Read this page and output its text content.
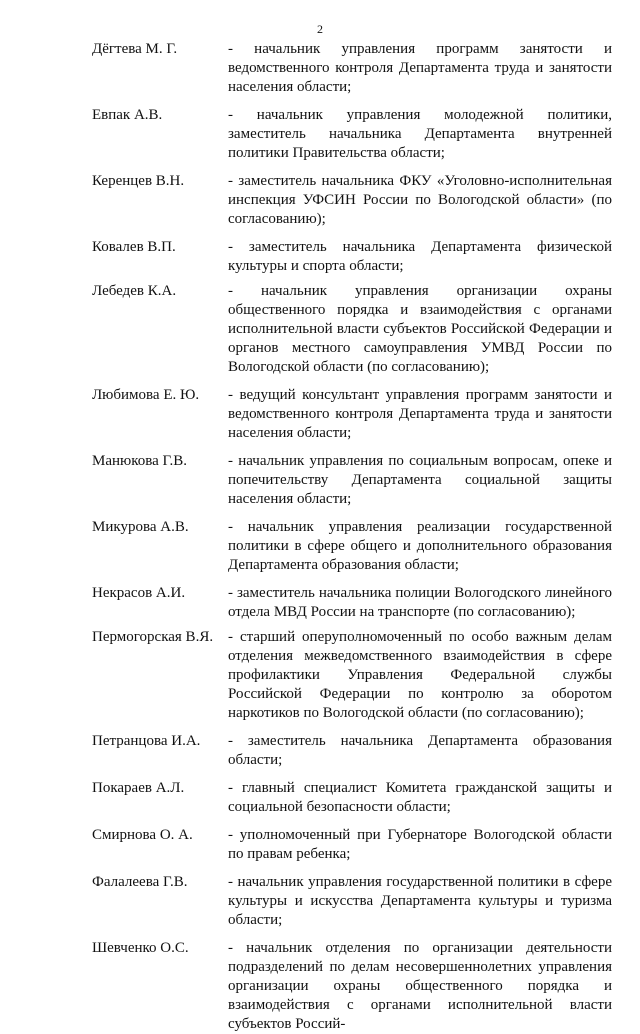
2
Дёгтева М. Г.	- начальник управления программ занятости и ведомственного контроля Департамента труда и занятости населения области;
Евпак А.В.	- начальник управления молодежной политики, заместитель начальника Департамента внутренней политики Правительства области;
Керенцев В.Н.	- заместитель начальника ФКУ «Уголовно-исполнительная инспекция УФСИН России по Вологодской области» (по согласованию);
Ковалев В.П.	- заместитель начальника Департамента физической культуры и спорта области;
Лебедев К.А.	- начальник управления организации охраны общественного порядка и взаимодействия с органами исполнительной власти субъектов Российской Федерации и органов местного самоуправления УМВД России по Вологодской области (по согласованию);
Любимова Е. Ю.	- ведущий консультант управления программ занятости и ведомственного контроля Департамента труда и занятости населения области;
Манюкова Г.В.	- начальник управления по социальным вопросам, опеке и попечительству Департамента социальной защиты населения области;
Микурова А.В.	- начальник управления реализации государственной политики в сфере общего и дополнительного образования Департамента образования области;
Некрасов А.И.	- заместитель начальника полиции Вологодского линейного отдела МВД России на транспорте (по согласованию);
Пермогорская В.Я. - старший оперуполномоченный по особо важным делам отделения межведомственного взаимодействия в сфере профилактики Управления Федеральной службы Российской Федерации по контролю за оборотом наркотиков по Вологодской области (по согласованию);
Петранцова И.А.	- заместитель начальника Департамента образования области;
Покараев А.Л.	- главный специалист Комитета гражданской защиты и социальной безопасности области;
Смирнова О. А.	- уполномоченный при Губернаторе Вологодской области по правам ребенка;
Фалалеева Г.В.	- начальник управления государственной политики в сфере культуры и искусства Департамента культуры и туризма области;
Шевченко О.С.	- начальник отделения по организации деятельности подразделений по делам несовершеннолетних управления организации охраны общественного порядка и взаимодействия с органами исполнительной власти субъектов Россий-
